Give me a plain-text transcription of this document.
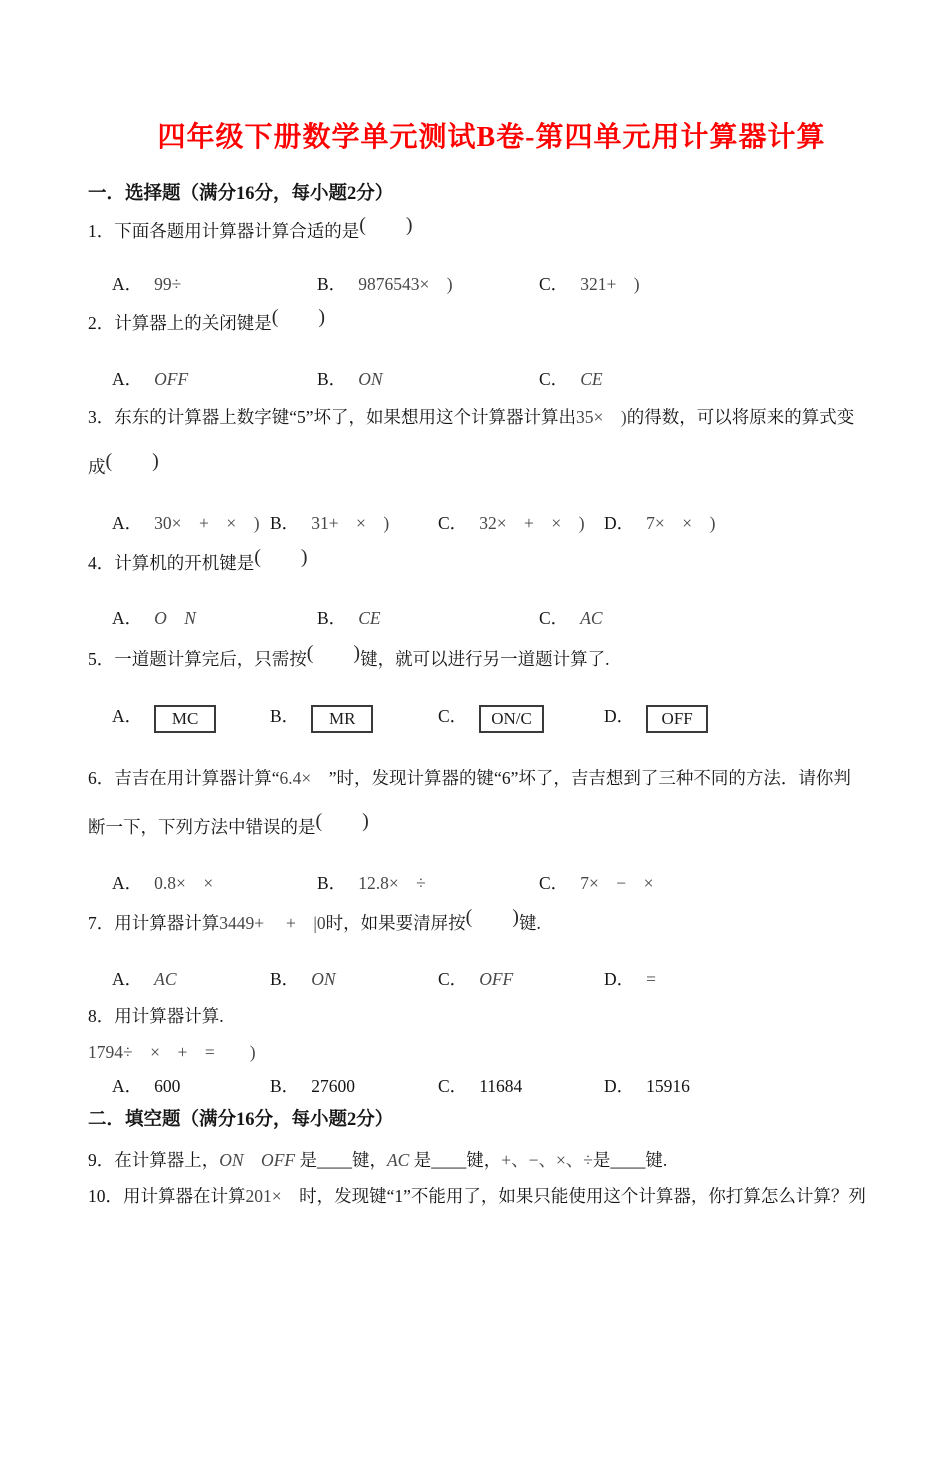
四年级下册数学单元测试B卷-第四单元用计算器计算
一．选择题（满分16分，每小题2分）
1．下面各题用计算器计算合适的是(　　)
A． 99÷	B． 9876543×　)	C． 321+　)
2．计算器上的关闭键是(　　)
A． OFF	B． ON	C． CE
3．东东的计算器上数字键“5”坏了，如果想用这个计算器计算出35×　)的得数，可以将原来的算式变
成(　　)
A． 30×　+　×　) B． 31+　×　)	C． 32×　+　×　)	D． 7×　×　)
4．计算机的开机键是(　　)
A． O　N	B． CE	C． AC
5．一道题计算完后，只需按(　　)键，就可以进行另一道题计算了.
A． MC	B． MR	C． ON/C	D． OFF
6．吉吉在用计算器计算“6.4×　”时，发现计算器的键“6”坏了，吉吉想到了三种不同的方法．请你判
断一下，下列方法中错误的是(　　)
A． 0.8×　×	B． 12.8×　÷	C． 7×　−　×
7．用计算器计算3449+　 +　|0时，如果要清屏按(　　)键.
A． AC	B． ON	C． OFF	D． =
8．用计算器计算.
1794÷　×　+　=　　)
A． 600	B． 27600	C． 11684	D． 15916
二．填空题（满分16分，每小题2分）
9．在计算器上，ON　OFF 是____键，AC 是____键，+、−、×、÷是____键.
10．用计算器在计算201×　时，发现键“1”不能用了，如果只能使用这个计算器，你打算怎么计算？列
